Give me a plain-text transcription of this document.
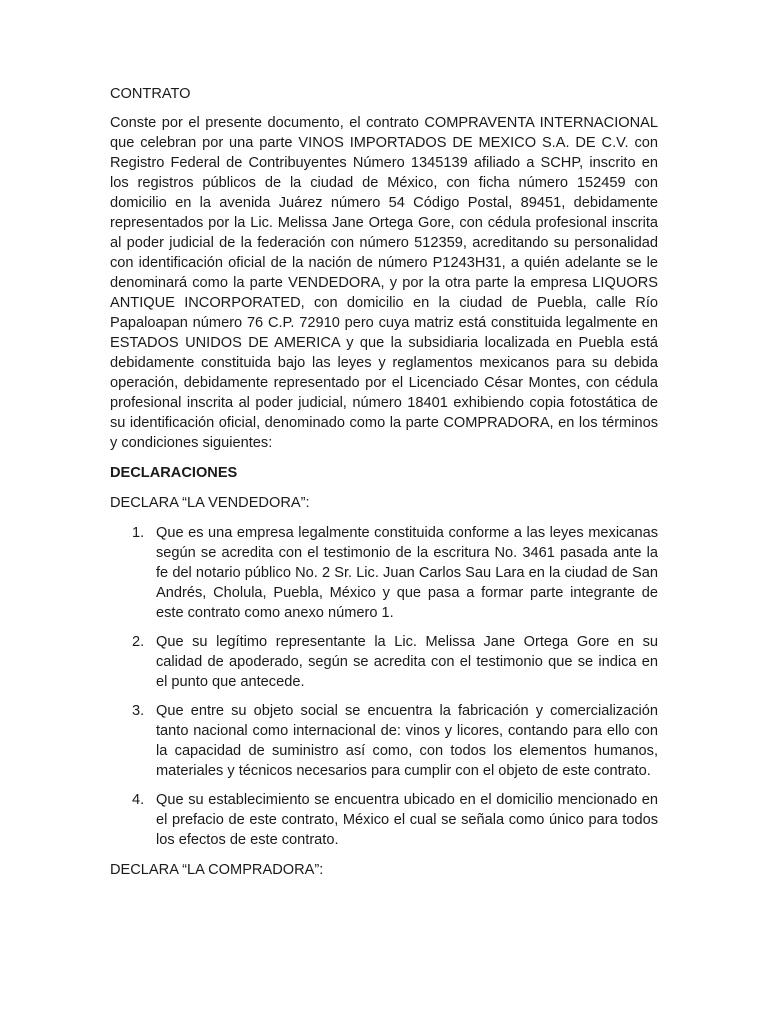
CONTRATO

Conste por el presente documento, el contrato COMPRAVENTA INTERNACIONAL que celebran por una parte VINOS IMPORTADOS DE MEXICO S.A. DE C.V. con Registro Federal de Contribuyentes Número 1345139 afiliado a SCHP, inscrito en los registros públicos de la ciudad de México, con ficha número 152459 con domicilio en la avenida Juárez número 54 Código Postal, 89451, debidamente representados por la Lic. Melissa Jane Ortega Gore, con cédula profesional inscrita al poder judicial de la federación con número 512359, acreditando su personalidad con identificación oficial de la nación de número P1243H31, a quién adelante se le denominará como la parte VENDEDORA, y por la otra parte la empresa LIQUORS ANTIQUE INCORPORATED, con domicilio en la ciudad de Puebla, calle Río Papaloapan número 76 C.P. 72910 pero cuya matriz está constituida legalmente en ESTADOS UNIDOS DE AMERICA y que la subsidiaria localizada en Puebla está debidamente constituida bajo las leyes y reglamentos mexicanos para su debida operación, debidamente representado por el Licenciado César Montes, con cédula profesional inscrita al poder judicial, número 18401 exhibiendo copia fotostática de su identificación oficial, denominado como la parte COMPRADORA, en los términos y condiciones siguientes:

DECLARACIONES

DECLARA “LA VENDEDORA”:

1. Que es una empresa legalmente constituida conforme a las leyes mexicanas según se acredita con el testimonio de la escritura No. 3461 pasada ante la fe del notario público No. 2 Sr. Lic. Juan Carlos Sau Lara en la ciudad de San Andrés, Cholula, Puebla, México y que pasa a formar parte integrante de este contrato como anexo número 1.
2. Que su legítimo representante la Lic. Melissa Jane Ortega Gore en su calidad de apoderado, según se acredita con el testimonio que se indica en el punto que antecede.
3. Que entre su objeto social se encuentra la fabricación y comercialización tanto nacional como internacional de: vinos y licores, contando para ello con la capacidad de suministro así como, con todos los elementos humanos, materiales y técnicos necesarios para cumplir con el objeto de este contrato.
4. Que su establecimiento se encuentra ubicado en el domicilio mencionado en el prefacio de este contrato, México el cual se señala como único para todos los efectos de este contrato.

DECLARA “LA COMPRADORA”:
